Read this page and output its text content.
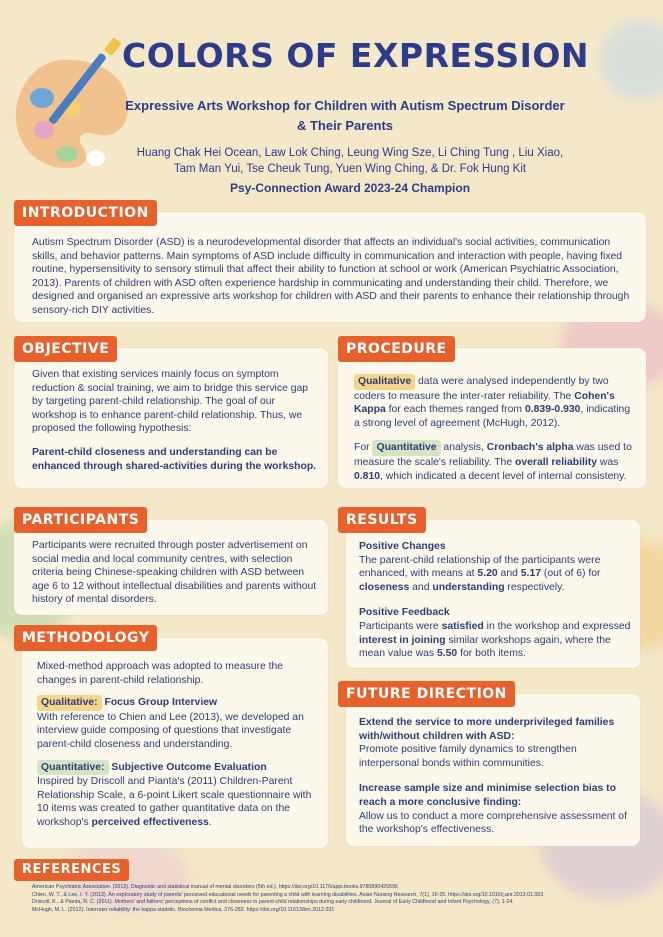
COLORS OF EXPRESSION
Expressive Arts Workshop for Children with Autism Spectrum Disorder
& Their Parents
Huang Chak Hei Ocean, Law Lok Ching, Leung Wing Sze, Li Ching Tung , Liu Xiao,
Tam Man Yui, Tse Cheuk Tung, Yuen Wing Ching, & Dr. Fok Hung Kit
Psy-Connection Award 2023-24 Champion
INTRODUCTION

Autism Spectrum Disorder (ASD) is a neurodevelopmental disorder that affects an individual's social activities, communication skills, and behavior patterns. Main symptoms of ASD include difficulty in communication and interaction with people, having fixed routine, hypersensitivity to sensory stimuli that affect their ability to function at school or work (American Psychiatric Association, 2013). Parents of children with ASD often experience hardship in communicating and understanding their child. Therefore, we designed and organised an expressive arts workshop for children with ASD and their parents to enhance their relationship through sensory-rich DIY activities.

OBJECTIVE

Given that existing services mainly focus on symptom reduction & social training, we aim to bridge this service gap by targeting parent-child relationship. The goal of our workshop is to enhance parent-child relationship. Thus, we proposed the following hypothesis:

Parent-child closeness and understanding can be enhanced through shared-activities during the workshop.

PROCEDURE

Qualitative data were analysed independently by two coders to measure the inter-rater reliability. The Cohen's Kappa for each themes ranged from 0.839-0.930, indicating a strong level of agreement (McHugh, 2012).

For Quantitative analysis, Cronbach's alpha was used to measure the scale's reliability. The overall reliability was 0.810, which indicated a decent level of internal consisteny.

PARTICIPANTS

Participants were recruited through poster advertisement on social media and local community centres, with selection criteria being Chinese-speaking children with ASD between age 6 to 12 without intellectual disabilities and parents without history of mental disorders.

RESULTS

Positive Changes

The parent-child relationship of the participants were enhanced, with means at 5.20 and 5.17 (out of 6) for closeness and understanding respectively.

Positive Feedback

Participants were satisfied in the workshop and expressed interest in joining similar workshops again, where the mean value was 5.50 for both items.

METHODOLOGY

Mixed-method approach was adopted to measure the changes in parent-child relationship.

Qualitative: Focus Group Interview

With reference to Chien and Lee (2013), we developed an interview guide composing of questions that investigate parent-child closeness and understanding.

Quantitative: Subjective Outcome Evaluation

Inspired by Driscoll and Pianta's (2011) Children-Parent Relationship Scale, a 6-point Likert scale questionnaire with 10 items was created to gather quantitative data on the workshop's perceived effectiveness.

FUTURE DIRECTION

Extend the service to more underprivileged families with/without children with ASD:

Promote positive family dynamics to strengthen interpersonal bonds within communities.

Increase sample size and minimise selection bias to reach a more conclusive finding:

Allow us to conduct a more comprehensive assessment of the workshop's effectiveness.

REFERENCES
American Psychiatric Association. (2013). Diagnostic and statistical manual of mental disorders (5th ed.). https://doi.org/10.1176/appi.books.9780890425596
Chien, W. T., & Lee, I. Y. (2013). An exploratory study of parents' perceived educational needs for parenting a child with learning disabilities. Asian Nursing Research, 7(1), 16-25. https://doi.org/10.1016/j.anr.2013.01.003
Driscoll, K., & Pianta, R. C. (2011). Mothers' and fathers' perceptions of conflict and closeness in parent-child relationships during early childhood. Journal of Early Childhood and Infant Psychology, (7), 1-24.
McHugh, M. L. (2012). Interrater reliability: the kappa statistic. Biochemia Medica, 276-282. https://doi.org/10.11613/bm.2012.031
